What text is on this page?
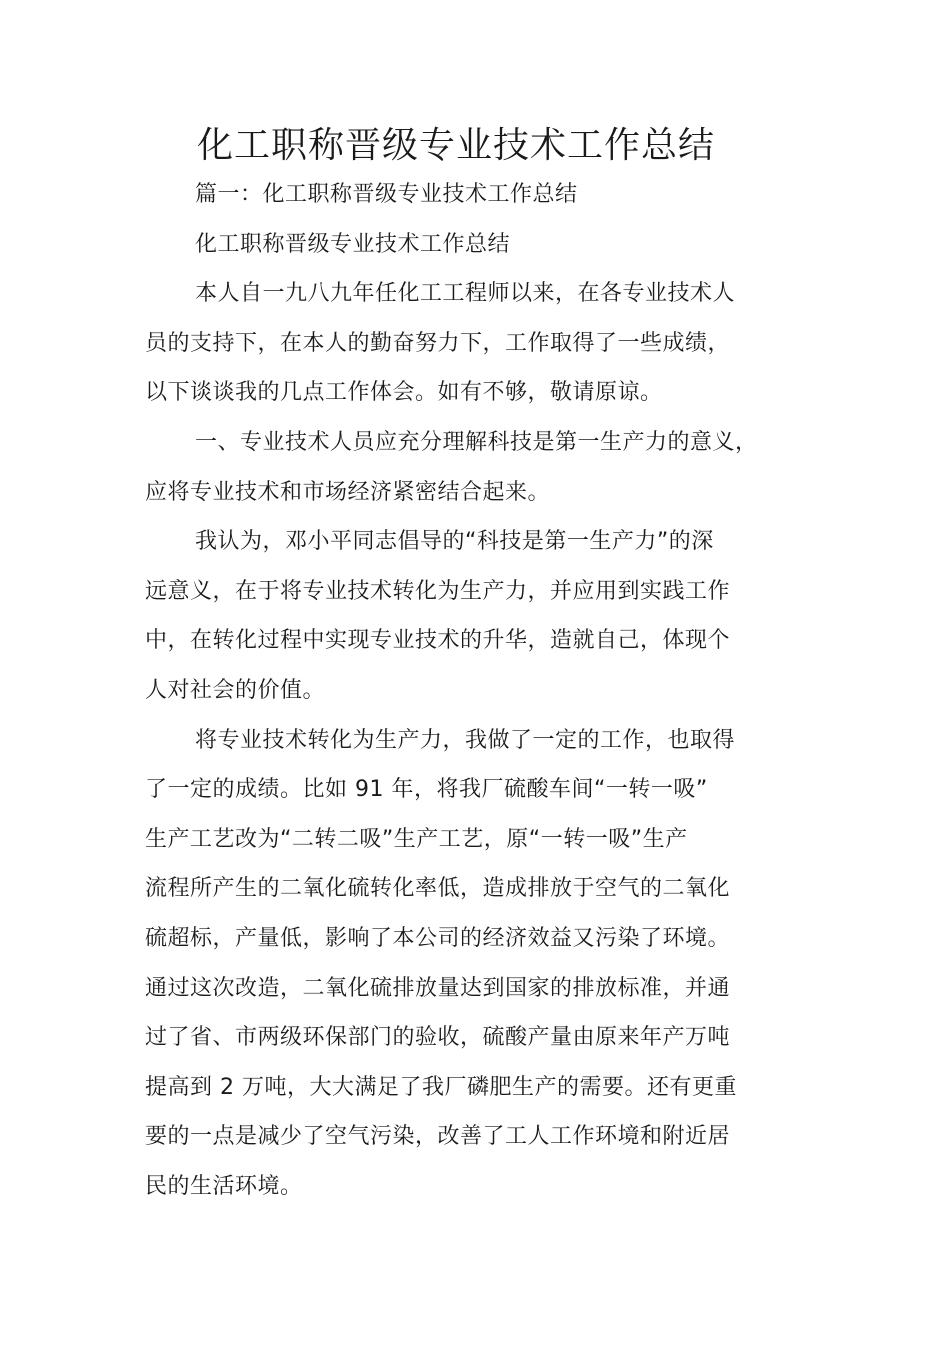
化工职称晋级专业技术工作总结
篇一：化工职称晋级专业技术工作总结
化工职称晋级专业技术工作总结
本人自一九八九年任化工工程师以来，在各专业技术人
员的支持下，在本人的勤奋努力下，工作取得了一些成绩，
以下谈谈我的几点工作体会。如有不够，敬请原谅。
一、专业技术人员应充分理解科技是第一生产力的意义，
应将专业技术和市场经济紧密结合起来。
我认为，邓小平同志倡导的“科技是第一生产力”的深
远意义，在于将专业技术转化为生产力，并应用到实践工作
中，在转化过程中实现专业技术的升华，造就自己，体现个
人对社会的价值。
将专业技术转化为生产力，我做了一定的工作，也取得
了一定的成绩。比如 91 年，将我厂硫酸车间“一转一吸”
生产工艺改为“二转二吸”生产工艺，原“一转一吸”生产
流程所产生的二氧化硫转化率低，造成排放于空气的二氧化
硫超标，产量低，影响了本公司的经济效益又污染了环境。
通过这次改造，二氧化硫排放量达到国家的排放标准，并通
过了省、市两级环保部门的验收，硫酸产量由原来年产万吨
提高到 2 万吨，大大满足了我厂磷肥生产的需要。还有更重
要的一点是减少了空气污染，改善了工人工作环境和附近居
民的生活环境。
